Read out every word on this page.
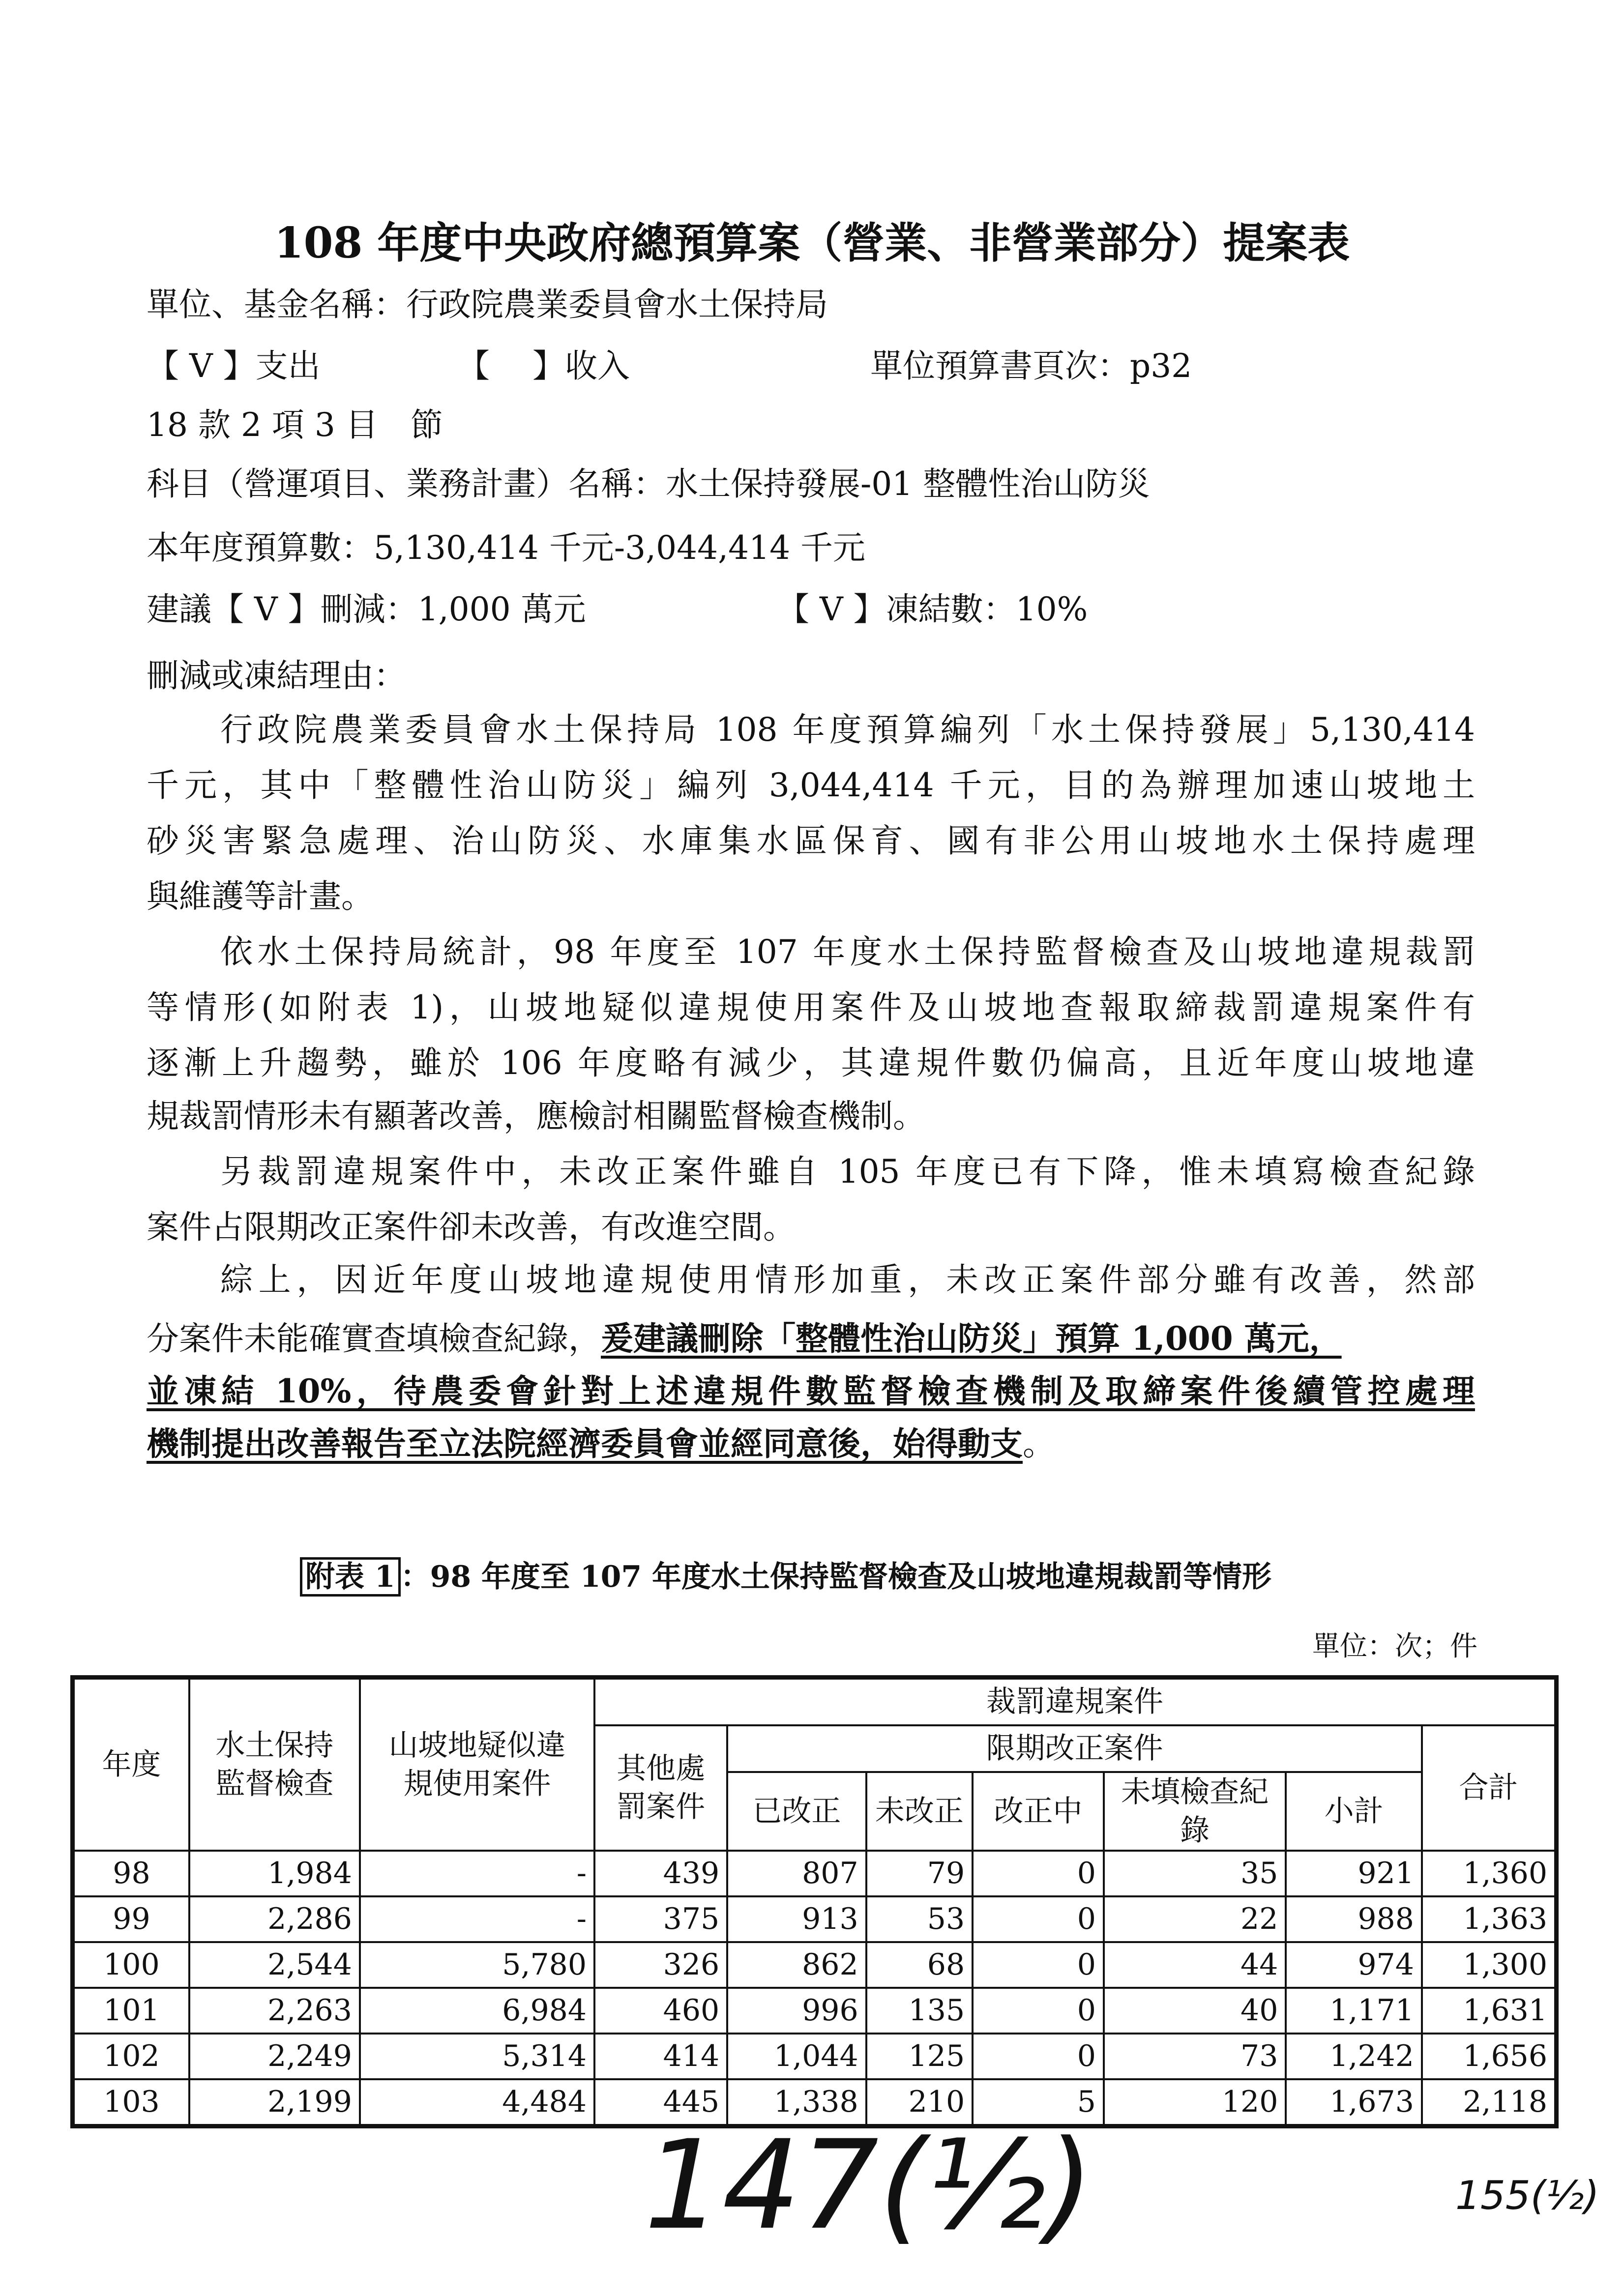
108 年度中央政府總預算案（營業、非營業部分）提案表
單位、基金名稱：行政院農業委員會水土保持局
【 V 】支出	【　 】收入	單位預算書頁次：p32
18 款 2 項 3 目　節
科目（營運項目、業務計畫）名稱：水土保持發展-01 整體性治山防災
本年度預算數：5,130,414 千元-3,044,414 千元
建議【 V 】刪減：1,000 萬元	【 V 】凍結數：10%
刪減或凍結理由：
行政院農業委員會水土保持局 108 年度預算編列「水土保持發展」5,130,414
千元，其中「整體性治山防災」編列 3,044,414 千元，目的為辦理加速山坡地土
砂災害緊急處理、治山防災、水庫集水區保育、國有非公用山坡地水土保持處理
與維護等計畫。
依水土保持局統計，98 年度至 107 年度水土保持監督檢查及山坡地違規裁罰
等情形(如附表 1)，山坡地疑似違規使用案件及山坡地查報取締裁罰違規案件有
逐漸上升趨勢，雖於 106 年度略有減少，其違規件數仍偏高，且近年度山坡地違
規裁罰情形未有顯著改善，應檢討相關監督檢查機制。
另裁罰違規案件中，未改正案件雖自 105 年度已有下降，惟未填寫檢查紀錄
案件占限期改正案件卻未改善，有改進空間。
綜上，因近年度山坡地違規使用情形加重，未改正案件部分雖有改善，然部
分案件未能確實查填檢查紀錄，爰建議刪除「整體性治山防災」預算 1,000 萬元，
並凍結 10%，待農委會針對上述違規件數監督檢查機制及取締案件後續管控處理
機制提出改善報告至立法院經濟委員會並經同意後，始得動支。
附表 1 ：98 年度至 107 年度水土保持監督檢查及山坡地違規裁罰等情形
單位：次；件
年度	水土保持監督檢查	山坡地疑似違規使用案件	裁罰違規案件						
			其他處罰案件	限期改正案件					合計
				已改正	未改正	改正中	未填檢查紀錄	小計	
98	1,984	-	439	807	79	0	35	921	1,360
99	2,286	-	375	913	53	0	22	988	1,363
100	2,544	5,780	326	862	68	0	44	974	1,300
101	2,263	6,984	460	996	135	0	40	1,171	1,631
102	2,249	5,314	414	1,044	125	0	73	1,242	1,656
103	2,199	4,484	445	1,338	210	5	120	1,673	2,118
147(½)	155(½)
